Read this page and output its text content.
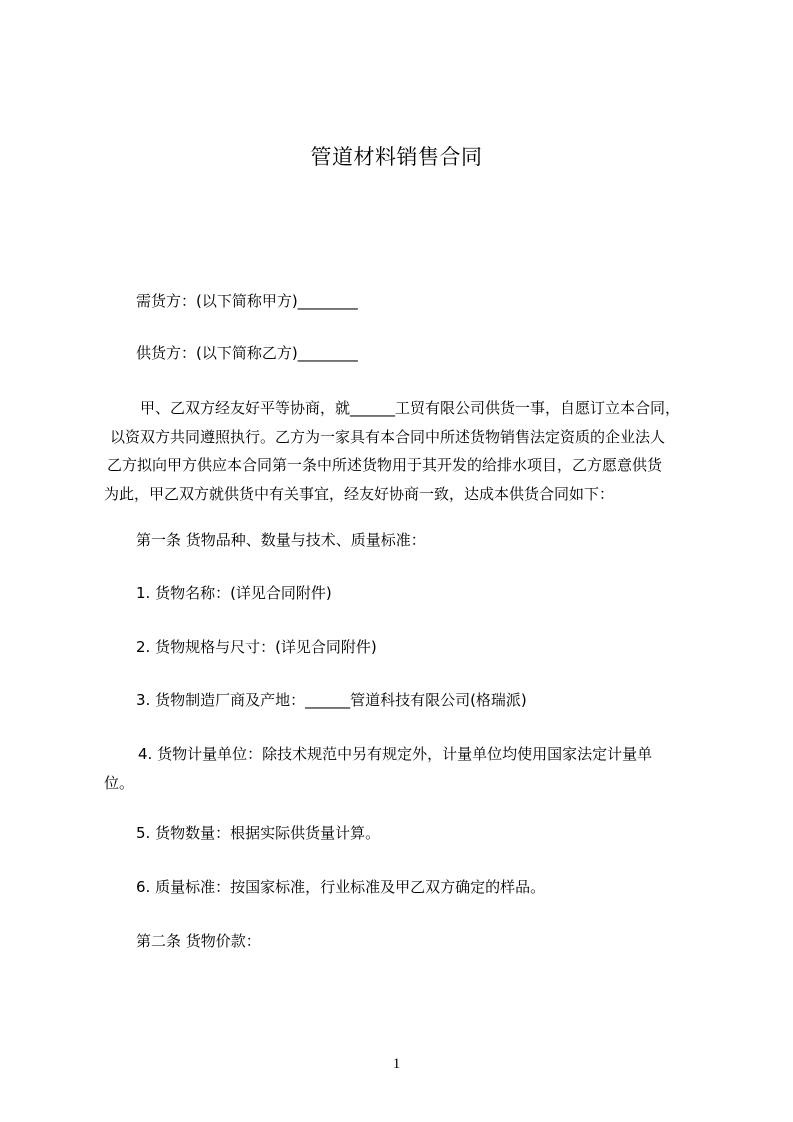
管道材料销售合同
需货方：(以下简称甲方)________
供货方：(以下简称乙方)________
甲、乙双方经友好平等协商，就______工贸有限公司供货一事，自愿订立本合同，
以资双方共同遵照执行。乙方为一家具有本合同中所述货物销售法定资质的企业法人
乙方拟向甲方供应本合同第一条中所述货物用于其开发的给排水项目，乙方愿意供货
为此，甲乙双方就供货中有关事宜，经友好协商一致，达成本供货合同如下：
第一条 货物品种、数量与技术、质量标准：
1. 货物名称：(详见合同附件)
2. 货物规格与尺寸：(详见合同附件)
3. 货物制造厂商及产地：______管道科技有限公司(格瑞派)
4. 货物计量单位：除技术规范中另有规定外，计量单位均使用国家法定计量单
位。
5. 货物数量：根据实际供货量计算。
6. 质量标准：按国家标准，行业标准及甲乙双方确定的样品。
第二条 货物价款：
1
